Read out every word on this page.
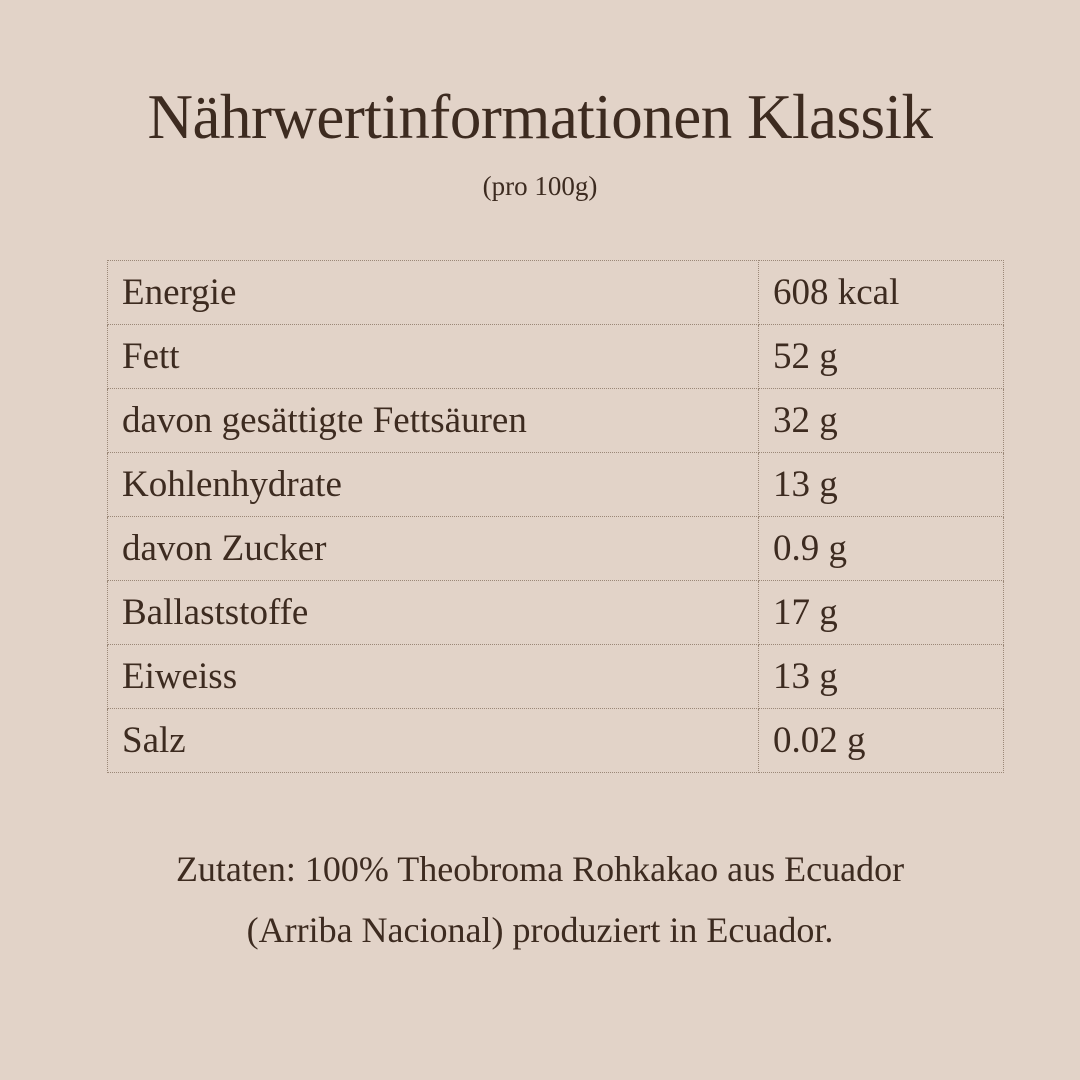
Nährwertinformationen Klassik
(pro 100g)
Energie	608 kcal
Fett	52 g
davon gesättigte Fettsäuren	32 g
Kohlenhydrate	13 g
davon Zucker	0.9 g
Ballaststoffe	17 g
Eiweiss	13 g
Salz	0.02 g
Zutaten: 100% Theobroma Rohkakao aus Ecuador
(Arriba Nacional) produziert in Ecuador.
